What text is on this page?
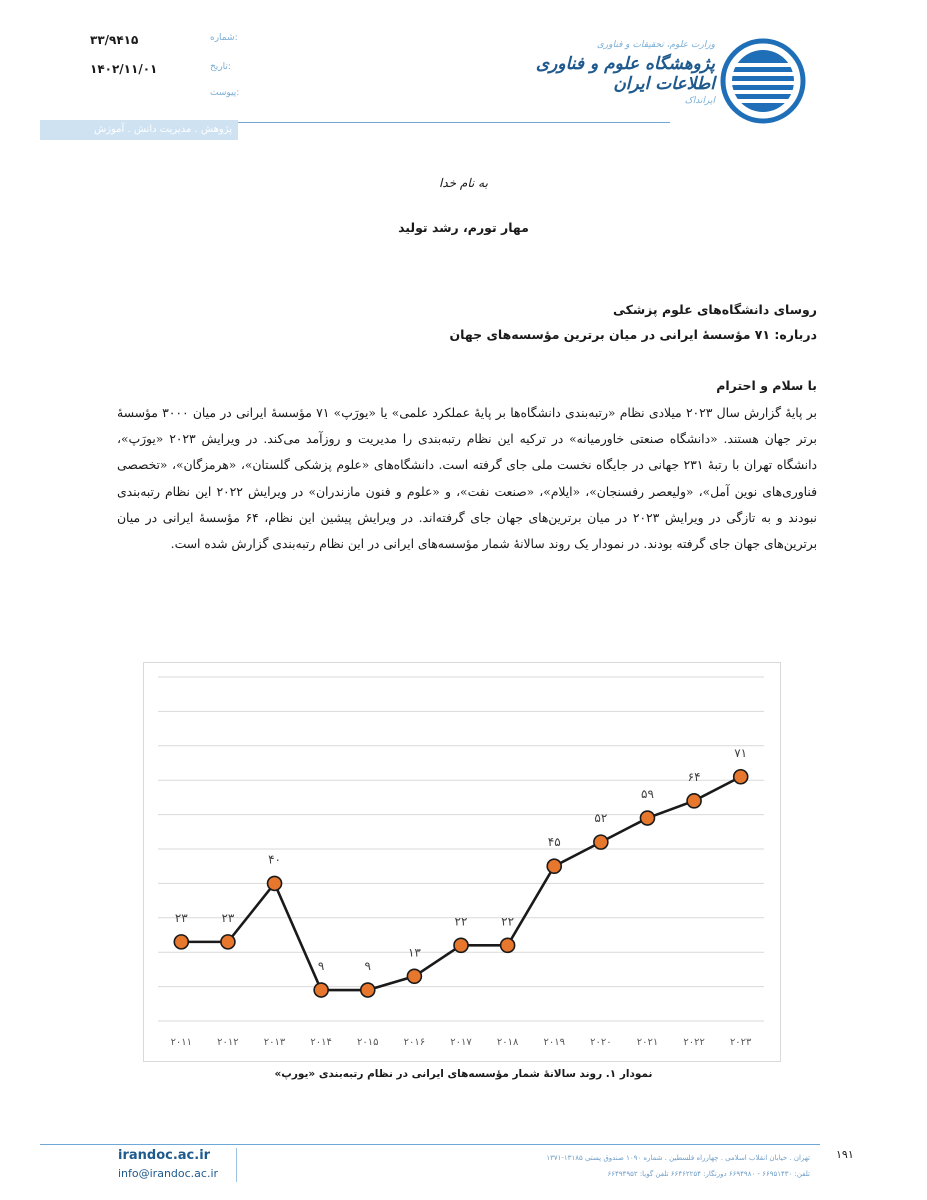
۳۳/۹۴۱۵	شماره:
۱۴۰۲/۱۱/۰۱	تاریخ:
پیوست:
پژوهش . مدیریت دانش . آموزش
وزارت علوم، تحقیقات و فناوری
پژوهشگاه علوم و فناوری اطلاعات ایران
ایرانداک
به نام خدا
مهار تورم، رشد تولید
روسای دانشگاه‌های علوم پزشکی
درباره: ۷۱ مؤسسهٔ ایرانی در میان برترین مؤسسه‌های جهان
با سلام و احترام
بر پایهٔ گزارش سال ۲۰۲۳ میلادی نظام «رتبه‌بندی دانشگاه‌ها بر پایهٔ عملکرد علمی» یا «یورَپ» ۷۱ مؤسسهٔ ایرانی در میان ۳۰۰۰ مؤسسهٔ برتر جهان هستند. «دانشگاه صنعتی خاورمیانه» در ترکیه این نظام رتبه‌بندی را مدیریت و روزآمد می‌کند. در ویرایش ۲۰۲۳ «یورَپ»، دانشگاه تهران با رتبهٔ ۲۳۱ جهانی در جایگاه نخست ملی جای گرفته است. دانشگاه‌های «علوم پزشکی گلستان»، «هرمزگان»، «تخصصی فناوری‌های نوین آمل»، «ولیعصر رفسنجان»، «ایلام»، «صنعت نفت»، و «علوم و فنون مازندران» در ویرایش ۲۰۲۲ این نظام رتبه‌بندی نبودند و به تازگی در ویرایش ۲۰۲۳ در میان برترین‌های جهان جای گرفته‌اند. در ویرایش پیشین این نظام، ۶۴ مؤسسهٔ ایرانی در میان برترین‌های جهان جای گرفته بودند. در نمودار یک روند سالانهٔ شمار مؤسسه‌های ایرانی در این نظام رتبه‌بندی گزارش شده است.
۲۰۱۱	۲۰۱۲	۲۰۱۳	۲۰۱۴	۲۰۱۵	۲۰۱۶	۲۰۱۷	۲۰۱۸	۲۰۱۹	۲۰۲۰	۲۰۲۱	۲۰۲۲	۲۰۲۳
۲۳	۲۳
۴۰
۹	۹
۱۳
۲۲	۲۲
۴۵
۵۲
۵۹
۶۴
۷۱
نمودار ۱. روند سالانهٔ شمار مؤسسه‌های ایرانی در نظام رتبه‌بندی «یورپ»
irandoc.ac.ir
info@irandoc.ac.ir
تهران . خیابان انقلاب اسلامی . چهارراه فلسطین . شماره ۱۰۹۰ صندوق پستی ۱۳۱۸۵-۱۳۷۱
تلفن: ۶۶۹۵۱۴۳۰ - ۶۶۹۴۹۸۰ دورنگار: ۶۶۴۶۲۲۵۴ تلفن گویا: ۶۶۴۹۴۹۵۲
۱۹۱
